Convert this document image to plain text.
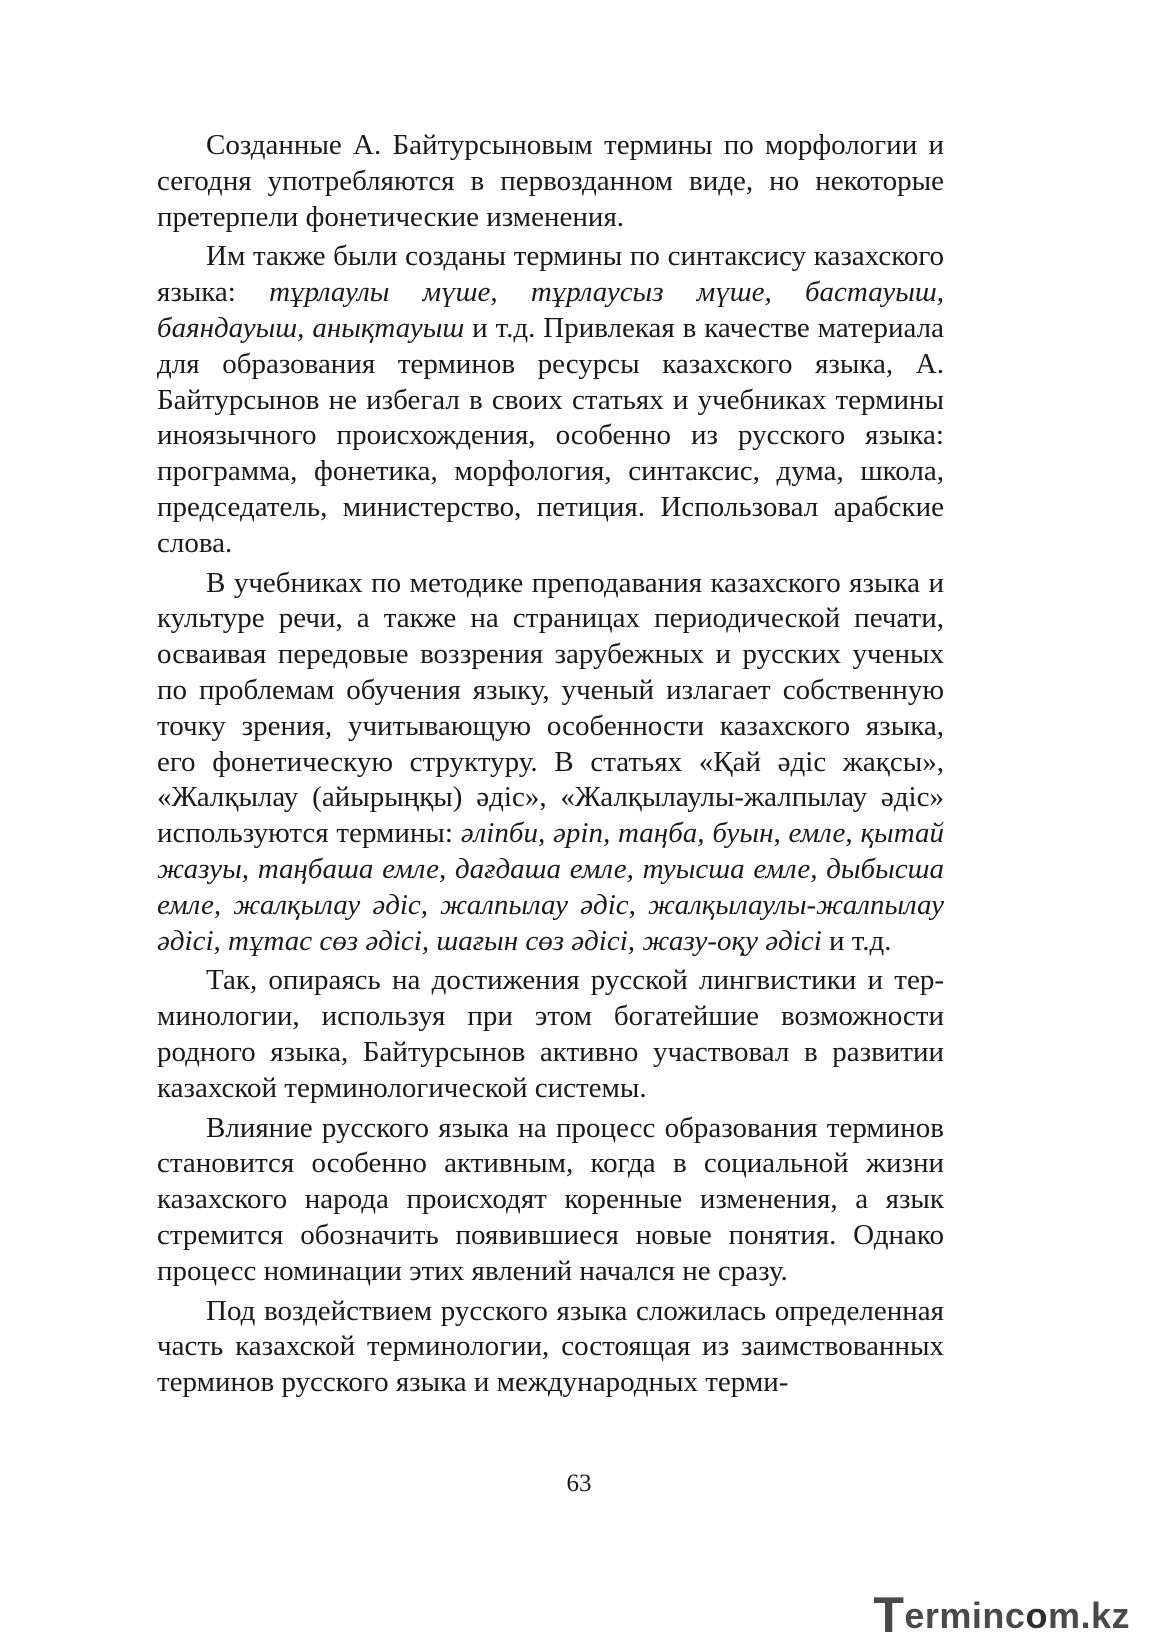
Созданные А. Байтурсыновым термины по морфологии и сегодня употребляются в первозданном виде, но некоторые претерпели фонетические изменения.

Им также были созданы термины по синтаксису казахского языка: тұрлаулы мүше, тұрлаусыз мүше, бастауыш, баяндауыш, анықтауыш и т.д. Привлекая в качестве материала для образования терминов ресурсы казахского языка, А. Байтурсынов не избегал в своих статьях и учебниках термины иноязычного происхождения, особенно из русского языка: программа, фонетика, морфология, синтаксис, дума, школа, председатель, министерство, петиция. Использовал арабские слова.

В учебниках по методике преподавания казахского языка и культуре речи, а также на страницах периодической печати, осваивая передовые воззрения зарубежных и русских ученых по проблемам обучения языку, ученый излагает собственную точку зрения, учитывающую особенности казахского языка, его фонетическую структуру. В статьях «Қай әдіс жақсы», «Жалқылау (айырыңқы) әдіс», «Жалқылаулы-жалпылау әдіс» используются термины: әліпби, әріп, таңба, буын, емле, қытай жазуы, таңбаша емле, дағдаша емле, туысша емле, дыбысша емле, жалқылау әдіс, жалпылау әдіс, жалқылаулы-жалпылау әдісі, тұтас сөз әдісі, шағын сөз әдісі, жазу-оқу әдісі и т.д.

Так, опираясь на достижения русской лингвистики и терминологии, используя при этом богатейшие возможности родного языка, Байтурсынов активно участвовал в развитии казахской терминологической системы.

Влияние русского языка на процесс образования терминов становится особенно активным, когда в социальной жизни казахского народа происходят коренные изменения, а язык стремится обозначить появившиеся новые понятия. Однако процесс номинации этих явлений начался не сразу.

Под воздействием русского языка сложилась определенная часть казахской терминологии, состоящая из заимствованных терминов русского языка и международных терми-

63
Termincom.kz
